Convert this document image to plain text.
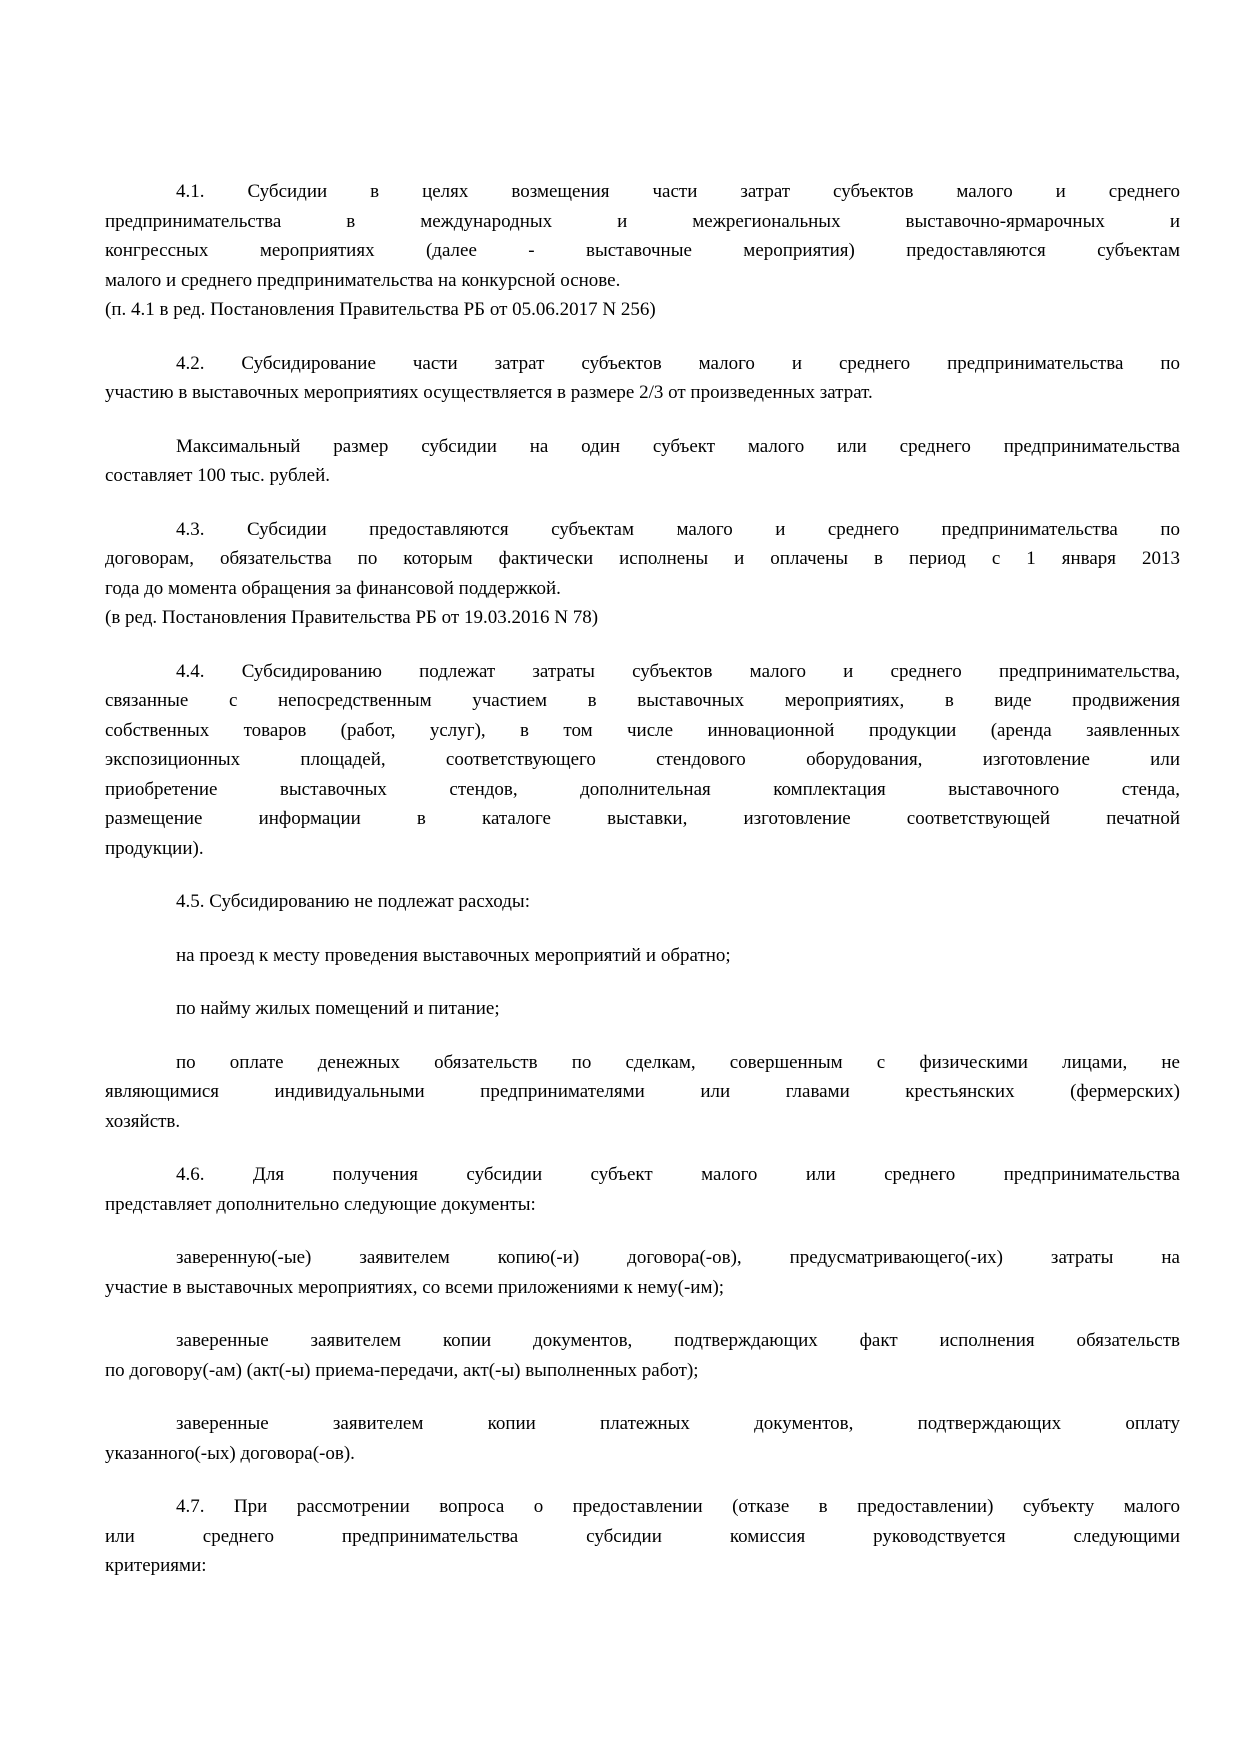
4.1. Субсидии в целях возмещения части затрат субъектов малого и среднего
предпринимательства в международных и межрегиональных выставочно-ярмарочных и
конгрессных мероприятиях (далее - выставочные мероприятия) предоставляются субъектам
малого и среднего предпринимательства на конкурсной основе.
(п. 4.1 в ред. Постановления Правительства РБ от 05.06.2017 N 256)
4.2. Субсидирование части затрат субъектов малого и среднего предпринимательства по
участию в выставочных мероприятиях осуществляется в размере 2/3 от произведенных затрат.
Максимальный размер субсидии на один субъект малого или среднего предпринимательства
составляет 100 тыс. рублей.
4.3. Субсидии предоставляются субъектам малого и среднего предпринимательства по
договорам, обязательства по которым фактически исполнены и оплачены в период с 1 января 2013
года до момента обращения за финансовой поддержкой.
(в ред. Постановления Правительства РБ от 19.03.2016 N 78)
4.4. Субсидированию подлежат затраты субъектов малого и среднего предпринимательства,
связанные с непосредственным участием в выставочных мероприятиях, в виде продвижения
собственных товаров (работ, услуг), в том числе инновационной продукции (аренда заявленных
экспозиционных площадей, соответствующего стендового оборудования, изготовление или
приобретение выставочных стендов, дополнительная комплектация выставочного стенда,
размещение информации в каталоге выставки, изготовление соответствующей печатной
продукции).
4.5. Субсидированию не подлежат расходы:
на проезд к месту проведения выставочных мероприятий и обратно;
по найму жилых помещений и питание;
по оплате денежных обязательств по сделкам, совершенным с физическими лицами, не
являющимися индивидуальными предпринимателями или главами крестьянских (фермерских)
хозяйств.
4.6. Для получения субсидии субъект малого или среднего предпринимательства
представляет дополнительно следующие документы:
заверенную(-ые) заявителем копию(-и) договора(-ов), предусматривающего(-их) затраты на
участие в выставочных мероприятиях, со всеми приложениями к нему(-им);
заверенные заявителем копии документов, подтверждающих факт исполнения обязательств
по договору(-ам) (акт(-ы) приема-передачи, акт(-ы) выполненных работ);
заверенные заявителем копии платежных документов, подтверждающих оплату
указанного(-ых) договора(-ов).
4.7. При рассмотрении вопроса о предоставлении (отказе в предоставлении) субъекту малого
или среднего предпринимательства субсидии комиссия руководствуется следующими
критериями:
